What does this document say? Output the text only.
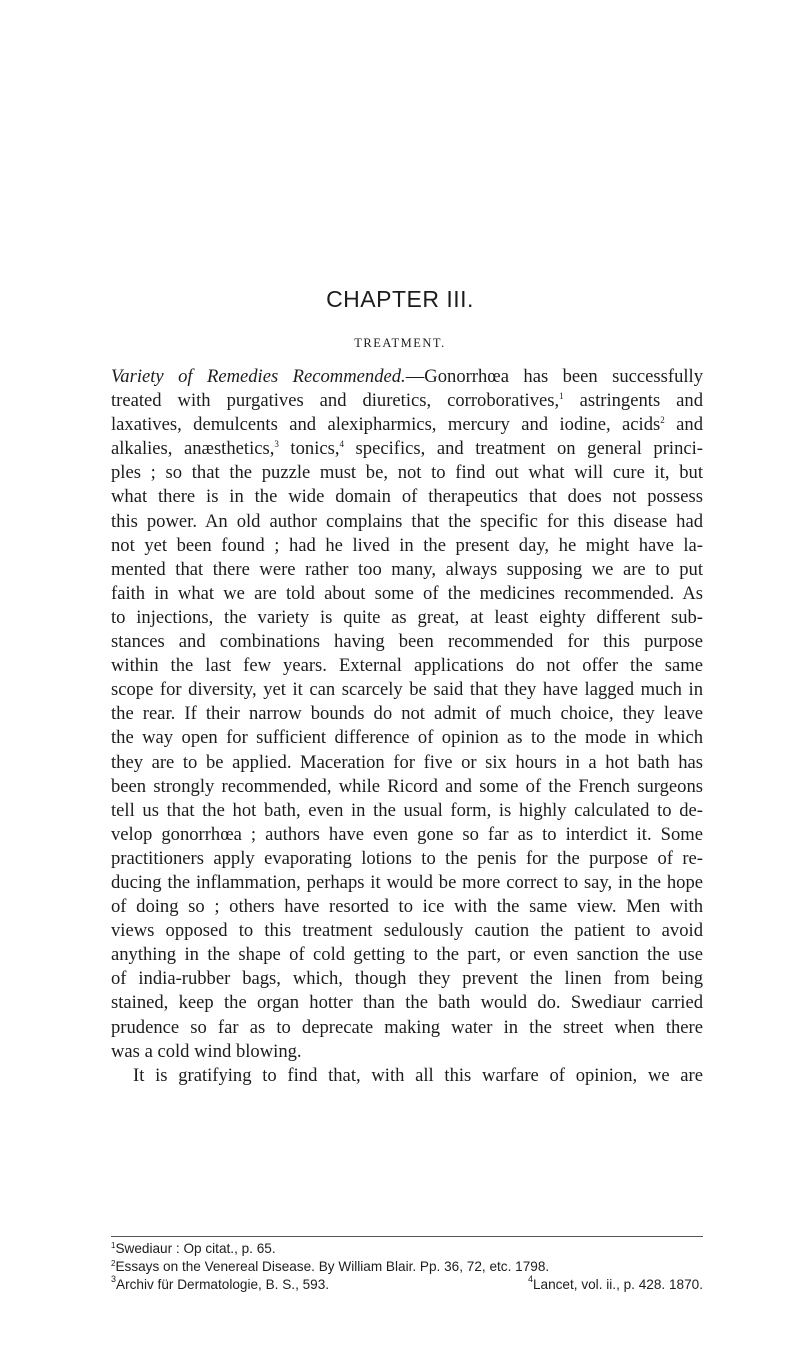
CHAPTER III.
TREATMENT.

Variety of Remedies Recommended.—Gonorrhœa has been successfully
treated with purgatives and diuretics, corroboratives,$^1$ astringents and
laxatives, demulcents and alexipharmics, mercury and iodine, acids$^2$ and
alkalies, anæsthetics,$^3$ tonics,$^4$ specifics, and treatment on general princi-
ples ; so that the puzzle must be, not to find out what will cure it, but
what there is in the wide domain of therapeutics that does not possess
this power. An old author complains that the specific for this disease had
not yet been found ; had he lived in the present day, he might have la-
mented that there were rather too many, always supposing we are to put
faith in what we are told about some of the medicines recommended. As
to injections, the variety is quite as great, at least eighty different sub-
stances and combinations having been recommended for this purpose
within the last few years. External applications do not offer the same
scope for diversity, yet it can scarcely be said that they have lagged much in
the rear. If their narrow bounds do not admit of much choice, they leave
the way open for sufficient difference of opinion as to the mode in which
they are to be applied. Maceration for five or six hours in a hot bath has
been strongly recommended, while Ricord and some of the French surgeons
tell us that the hot bath, even in the usual form, is highly calculated to de-
velop gonorrhœa ; authors have even gone so far as to interdict it. Some
practitioners apply evaporating lotions to the penis for the purpose of re-
ducing the inflammation, perhaps it would be more correct to say, in the hope
of doing so ; others have resorted to ice with the same view. Men with
views opposed to this treatment sedulously caution the patient to avoid
anything in the shape of cold getting to the part, or even sanction the use
of india-rubber bags, which, though they prevent the linen from being
stained, keep the organ hotter than the bath would do. Swediaur carried
prudence so far as to deprecate making water in the street when there
was a cold wind blowing.

It is gratifying to find that, with all this warfare of opinion, we are

$^1$Swediaur : Op citat., p. 65.
$^2$Essays on the Venereal Disease. By William Blair. Pp. 36, 72, etc. 1798.
$^3$Archiv für Dermatologie, B. S., 593.	$^4$Lancet, vol. ii., p. 428. 1870.
